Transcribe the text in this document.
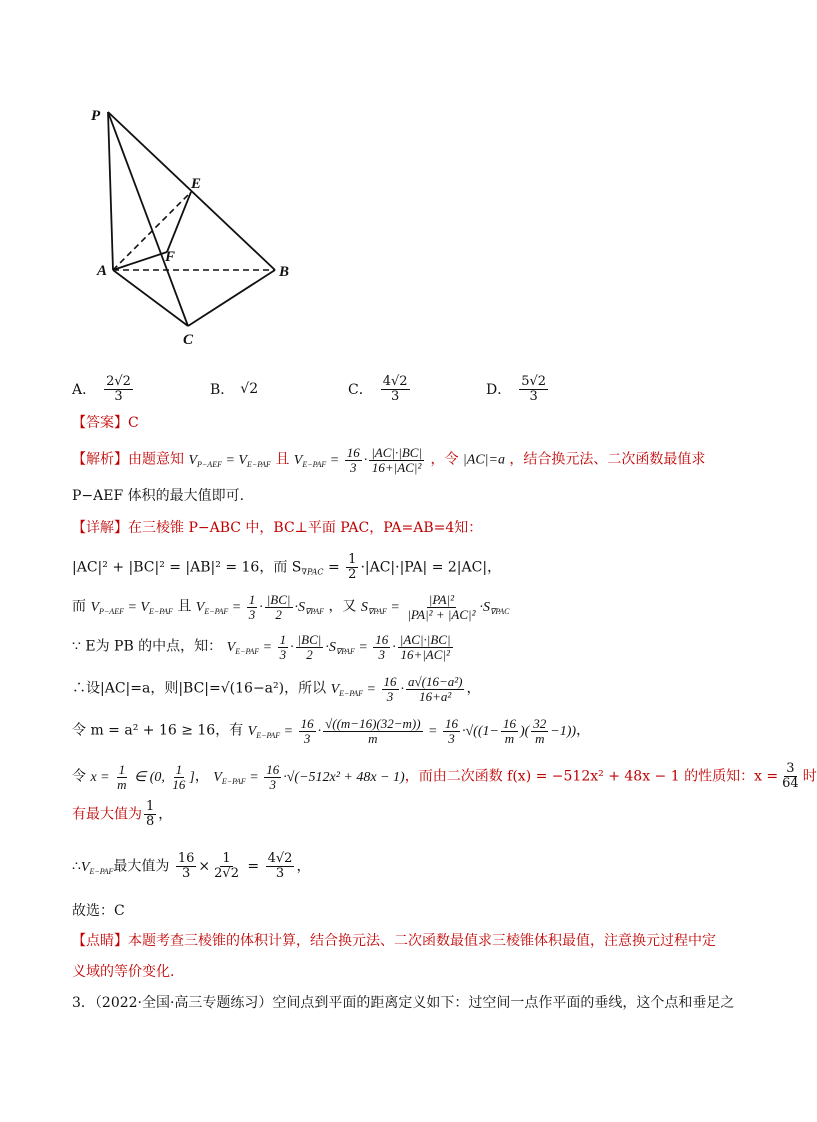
P
E
F
A	B
C
A． $\frac{2√2}{3}$	B． √2	C． $\frac{4√2}{3}$	D． $\frac{5√2}{3}$
【答案】C
【解析】由题意知 $V_{P-AEF} = V_{E-PAF}$ 且 $V_{E-PAF} = \frac{16}{3} \cdot \frac{|AC|\cdot|BC|}{\text{16+|AC|²}}$ ，令 |AC|=a ，结合换元法、二次函数最值求
P−AEF 体积的最大值即可.
【详解】在三棱锥 P−ABC 中，BC⊥平面 PAC，PA=AB=4知：
|AC|² + |BC|² = |AB|² = 16，而 $S_{\nabla PAC} = \frac{1}{2} \cdot|AC|\cdot|PA| = 2|AC|$，
而 $V_{P-AEF} = V_{E-PAF}$ 且 $V_{E-PAF} = \frac{1}{3} \cdot \frac{|BC|}{2} \cdot S_{\nabla PAF}$ ，又 $S_{\nabla PAF} = \frac{\text{|PA|²}}{\text{|PA|² + |AC|²}} \cdot S_{\nabla PAC}$
∵ E为 PB 的中点，知： $V_{E-PAF} = \frac{1}{3} \cdot \frac{|BC|}{2} \cdot S_{\nabla PAF} = \frac{16}{3} \cdot \frac{|AC|\cdot|BC|}{\text{16+|AC|²}}$
∴设|AC|=a，则|BC|=√(16−a²)，所以 $V_{E-PAF} = \frac{16}{3} \cdot \frac{\text{a√(16−a²)}}{\text{16+a²}}$ ，
令 m = a² + 16 ≥ 16，有 $V_{E-PAF} = \frac{16}{3} \cdot \frac{√((m-16)(32-m))}{m} = \frac{16}{3} \cdot√((1- \frac{16}{m}$ )( $\frac{32}{m} -1$))，
令 $x = \frac{1}{m}$ ∈ (0, $\frac{1}{16}$ ]， $V_{E-PAF} = \frac{16}{3} \cdot√(-512x^2 + 48x - 1)$，而由二次函数 f(x) = −512x² + 48x − 1 的性质知：$x = \frac{3}{64}$ 时
有最大值为 $\frac{1}{8}$ ，
$\therefore V_{E-PAF}$最大值为 $\frac{16}{3} \times \frac{1}{2√2} = \frac{4√2}{3}$ ，
故选：C
【点睛】本题考查三棱锥的体积计算，结合换元法、二次函数最值求三棱锥体积最值，注意换元过程中定
义域的等价变化.
3．（2022·全国·高三专题练习）空间点到平面的距离定义如下：过空间一点作平面的垂线，这个点和垂足之
